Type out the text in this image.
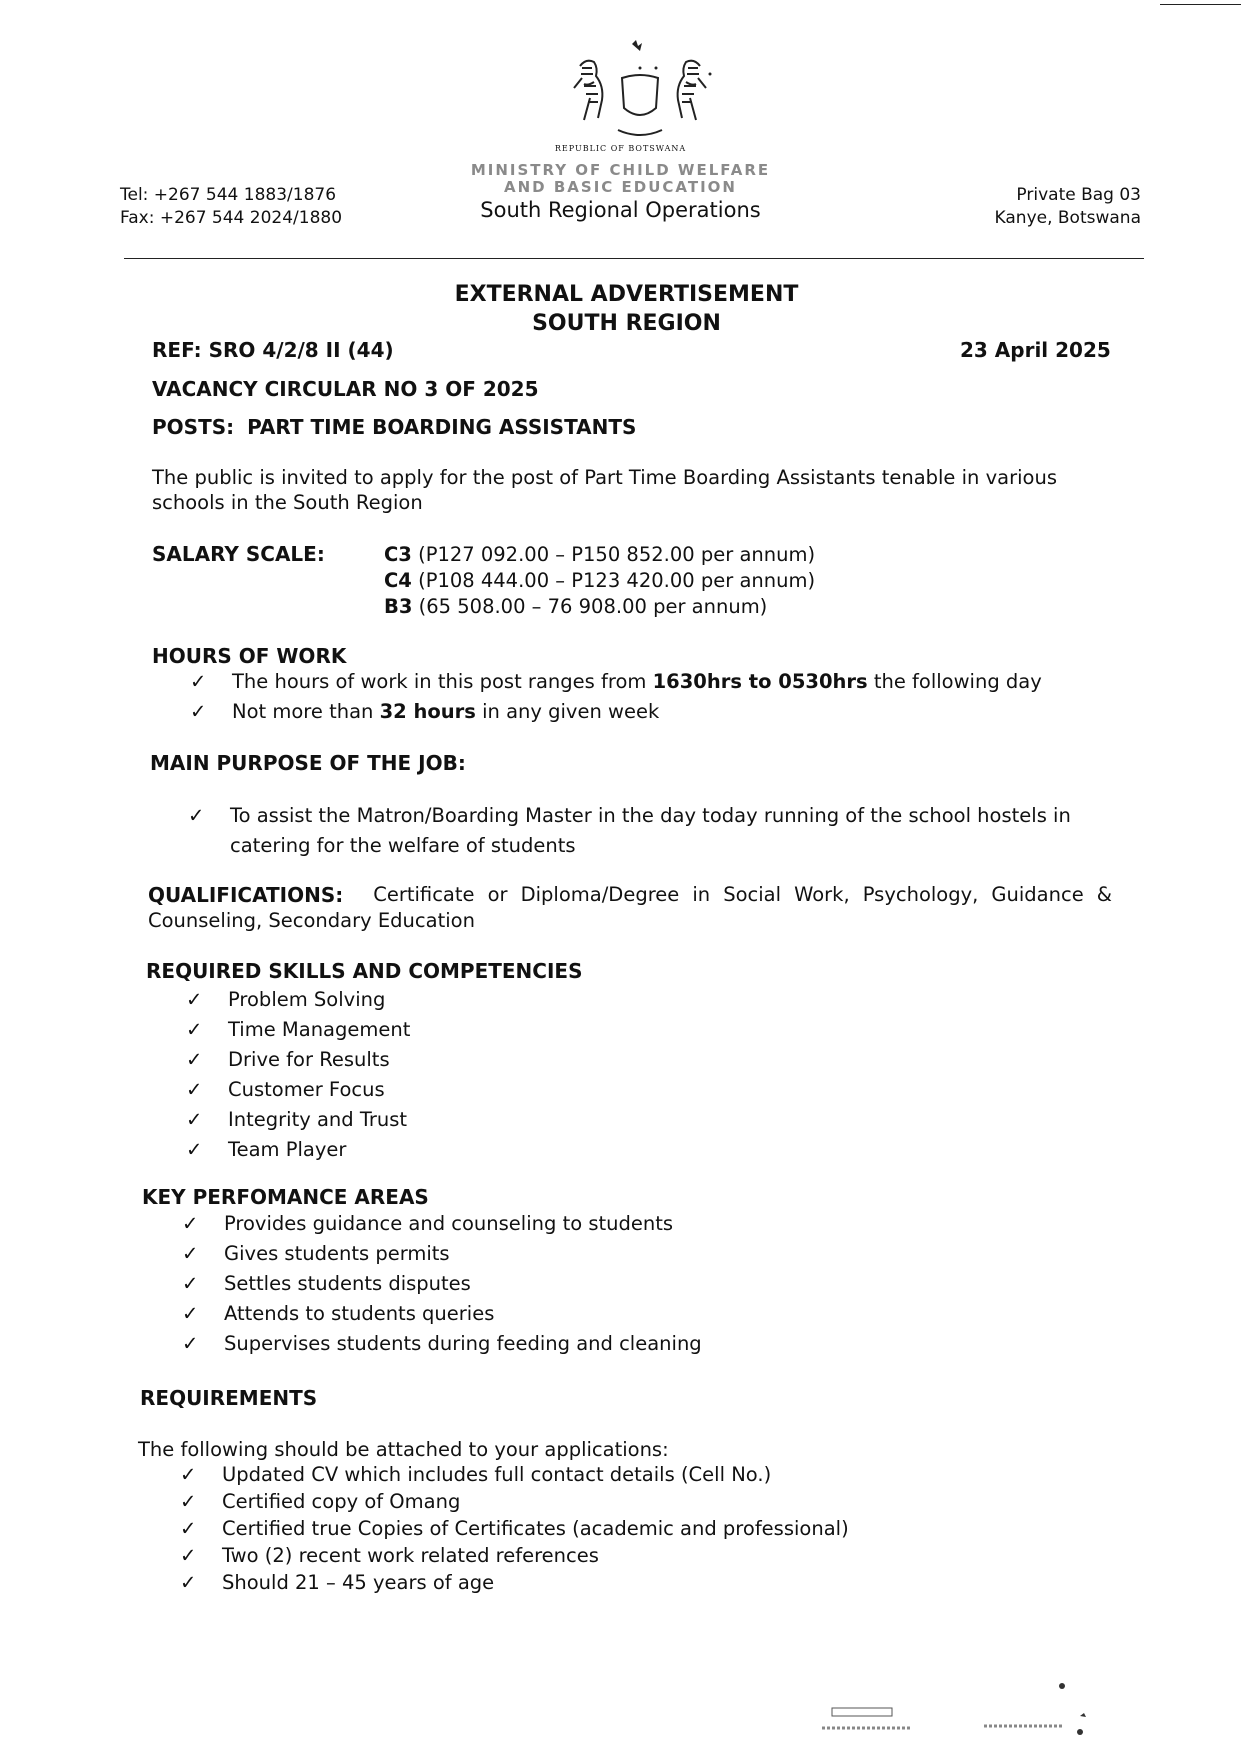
Tel: +267 544 1883/1876
Fax: +267 544 2024/1880
REPUBLIC OF BOTSWANA
MINISTRY OF CHILD WELFARE
AND BASIC EDUCATION
South Regional Operations
Private Bag 03
Kanye, Botswana
EXTERNAL ADVERTISEMENT
SOUTH REGION
REF: SRO 4/2/8 II (44)	23 April 2025
VACANCY CIRCULAR NO 3 OF 2025
POSTS: PART TIME BOARDING ASSISTANTS
The public is invited to apply for the post of Part Time Boarding Assistants tenable in various schools in the South Region
SALARY SCALE:	C3 (P127 092.00 – P150 852.00 per annum)
C4 (P108 444.00 – P123 420.00 per annum)
B3 (65 508.00 – 76 908.00 per annum)
HOURS OF WORK
✓ The hours of work in this post ranges from 1630hrs to 0530hrs the following day
✓ Not more than 32 hours in any given week
MAIN PURPOSE OF THE JOB:
✓ To assist the Matron/Boarding Master in the day today running of the school hostels in
catering for the welfare of students
QUALIFICATIONS: Certificate or Diploma/Degree in Social Work, Psychology, Guidance &
Counseling, Secondary Education
REQUIRED SKILLS AND COMPETENCIES
✓ Problem Solving
✓ Time Management
✓ Drive for Results
✓ Customer Focus
✓ Integrity and Trust
✓ Team Player
KEY PERFOMANCE AREAS
✓ Provides guidance and counseling to students
✓ Gives students permits
✓ Settles students disputes
✓ Attends to students queries
✓ Supervises students during feeding and cleaning
REQUIREMENTS
The following should be attached to your applications:
✓ Updated CV which includes full contact details (Cell No.)
✓ Certified copy of Omang
✓ Certified true Copies of Certificates (academic and professional)
✓ Two (2) recent work related references
✓ Should 21 – 45 years of age
